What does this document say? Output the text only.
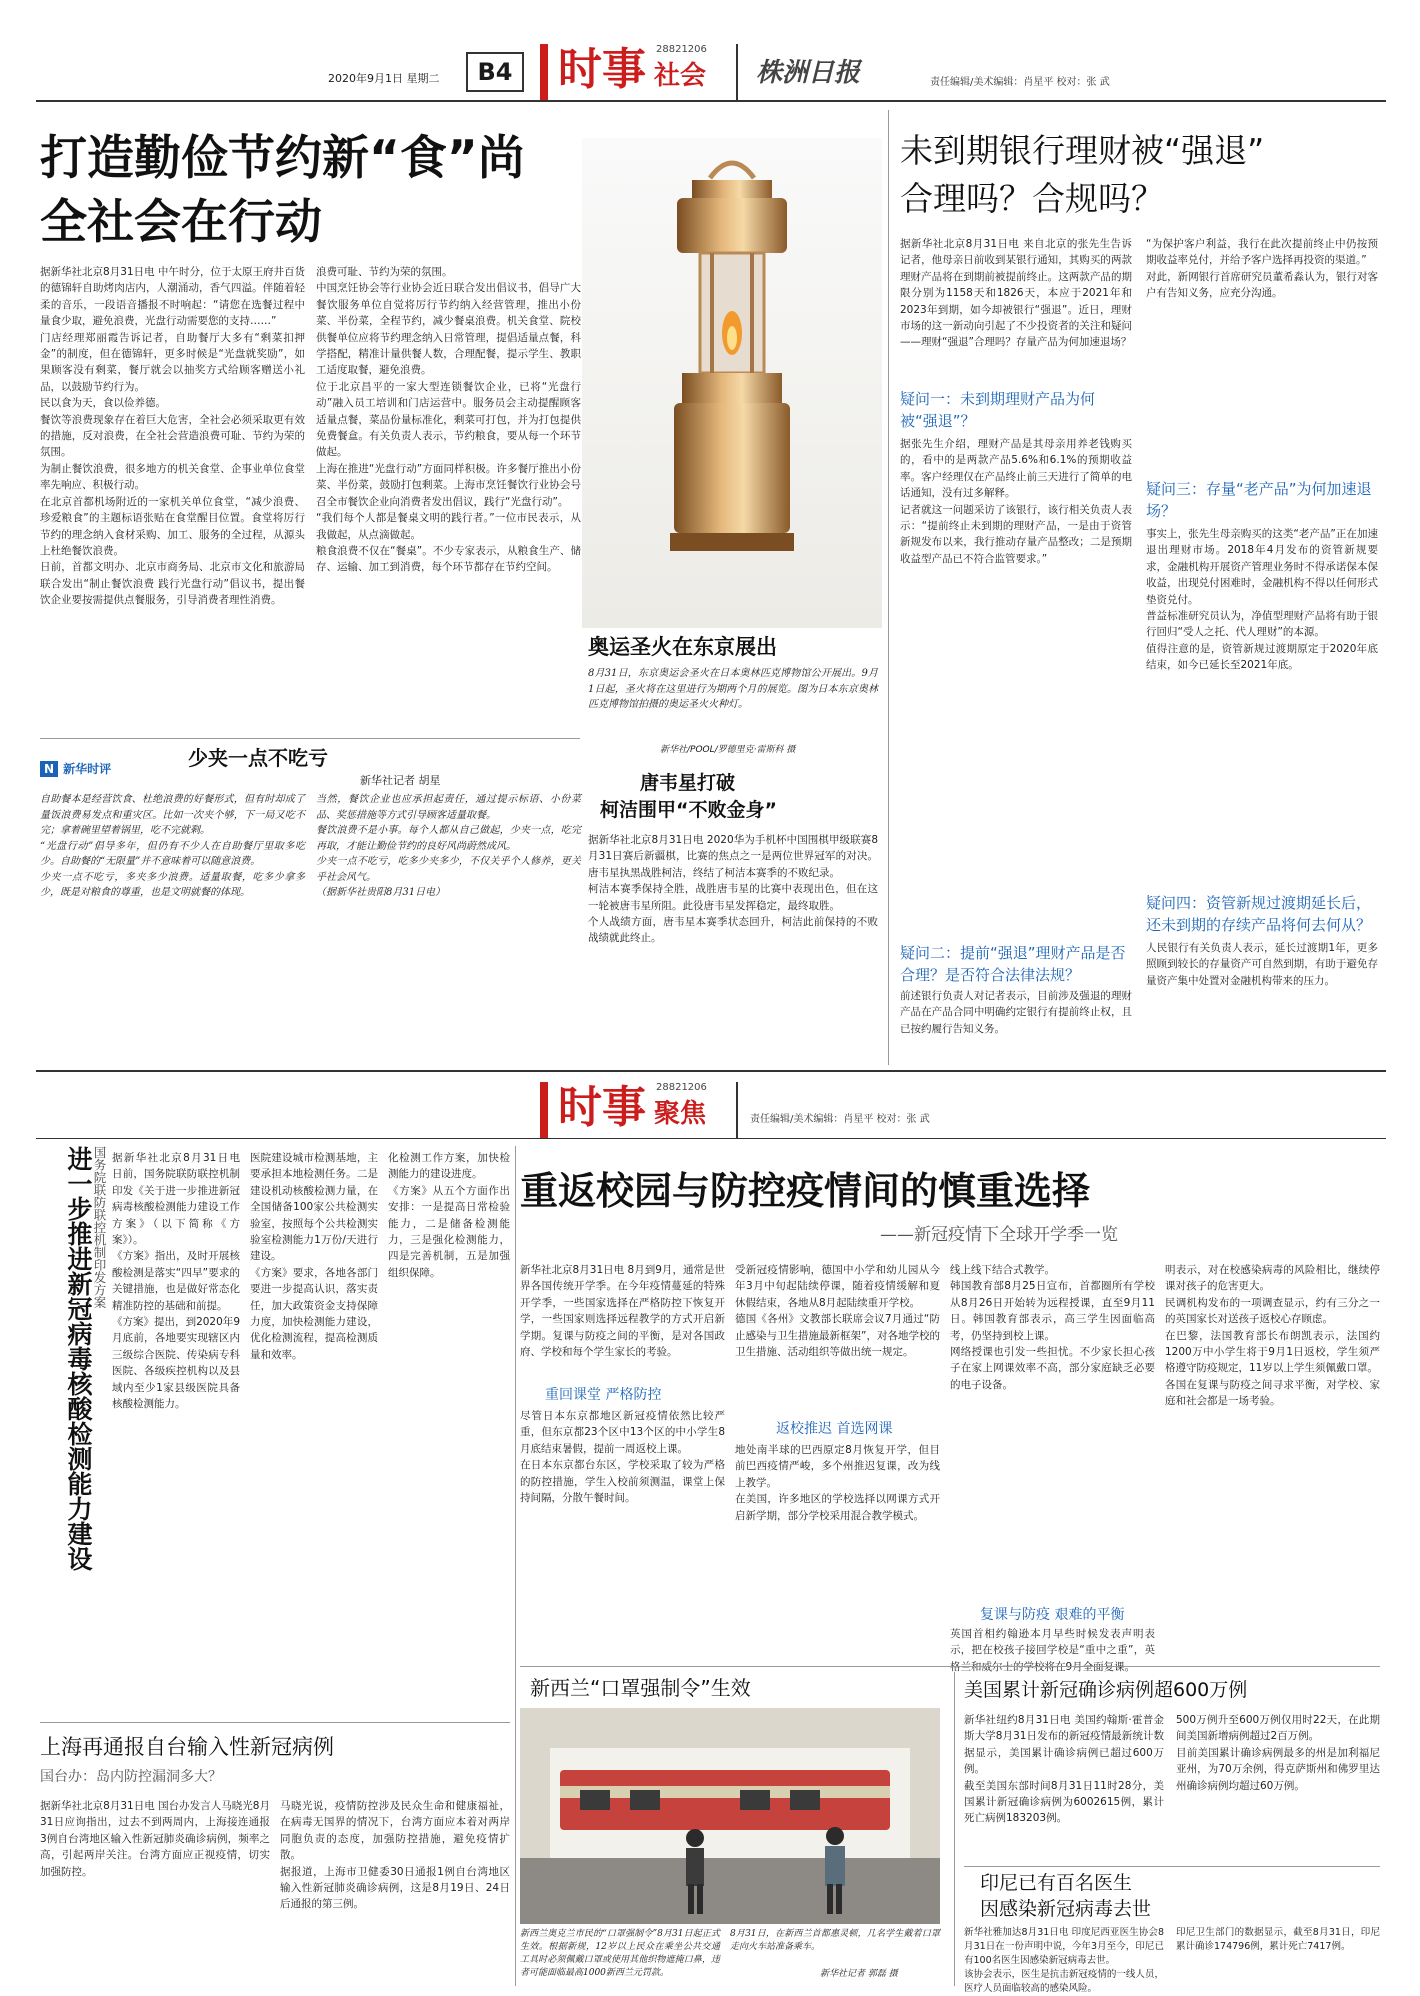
2020年9月1日 星期二	B4 时事 社会
28821206
株洲日报	责任编辑/美术编辑：肖星平 校对：张 武
打造勤俭节约新“食”尚
全社会在行动
据新华社北京8月31日电 中午时分，位于太原王府井百货的德锦轩自助烤肉店内，人潮涌动，香气四溢。伴随着轻柔的音乐，一段语音播报不时响起：“请您在选餐过程中量食少取，避免浪费，光盘行动需要您的支持……”
门店经理郑丽霞告诉记者，自助餐厅大多有“剩菜扣押金”的制度，但在德锦轩，更多时候是“光盘就奖励”，如果顾客没有剩菜，餐厅就会以抽奖方式给顾客赠送小礼品，以鼓励节约行为。
民以食为天，食以俭养德。
餐饮等浪费现象存在着巨大危害，全社会必须采取更有效的措施，反对浪费，在全社会营造浪费可耻、节约为荣的氛围。
为制止餐饮浪费，很多地方的机关食堂、企事业单位食堂率先响应、积极行动。
在北京首都机场附近的一家机关单位食堂，“减少浪费、珍爱粮食”的主题标语张贴在食堂醒目位置。食堂将厉行节约的理念纳入食材采购、加工、服务的全过程，从源头上杜绝餐饮浪费。
日前，首都文明办、北京市商务局、北京市文化和旅游局联合发出“制止餐饮浪费 践行光盘行动”倡议书，提出餐饮企业要按需提供点餐服务，引导消费者理性消费。
浪费可耻、节约为荣的氛围。
中国烹饪协会等行业协会近日联合发出倡议书，倡导广大餐饮服务单位自觉将厉行节约纳入经营管理，推出小份菜、半份菜，全程节约，减少餐桌浪费。机关食堂、院校供餐单位应将节约理念纳入日常管理，提倡适量点餐，科学搭配，精准计量供餐人数，合理配餐，提示学生、教职工适度取餐，避免浪费。
位于北京昌平的一家大型连锁餐饮企业，已将“光盘行动”融入员工培训和门店运营中。服务员会主动提醒顾客适量点餐，菜品份量标准化，剩菜可打包，并为打包提供免费餐盒。有关负责人表示，节约粮食，要从每一个环节做起。
上海在推进“光盘行动”方面同样积极。许多餐厅推出小份菜、半份菜，鼓励打包剩菜。上海市烹饪餐饮行业协会号召全市餐饮企业向消费者发出倡议，践行“光盘行动”。
“我们每个人都是餐桌文明的践行者。”一位市民表示，从我做起，从点滴做起。
粮食浪费不仅在“餐桌”。不少专家表示，从粮食生产、储存、运输、加工到消费，每个环节都存在节约空间。
少夹一点不吃亏
N 新华时评
新华社记者 胡星
自助餐本是经营饮食、杜绝浪费的好餐形式，但有时却成了量饭浪费易发点和重灾区。比如一次夹个够，下一局又吃不完；拿着碗里望着锅里，吃不完就剩。
“光盘行动”倡导多年，但仍有不少人在自助餐厅里取多吃少。自助餐的“无限量”并不意味着可以随意浪费。
少夹一点不吃亏，多夹多少浪费。适量取餐，吃多少拿多少，既是对粮食的尊重，也是文明就餐的体现。
当然，餐饮企业也应承担起责任，通过提示标语、小份菜品、奖惩措施等方式引导顾客适量取餐。
餐饮浪费不是小事。每个人都从自己做起，少夹一点，吃完再取，才能让勤俭节约的良好风尚蔚然成风。
少夹一点不吃亏，吃多少夹多少，不仅关乎个人修养，更关乎社会风气。
（据新华社贵阳8月31日电）
奥运圣火在东京展出
8月31日，东京奥运会圣火在日本奥林匹克博物馆公开展出。9月1日起，圣火将在这里进行为期两个月的展览。图为日本东京奥林匹克博物馆拍摄的奥运圣火火种灯。
新华社/POOL/罗德里克·雷斯科 摄
唐韦星打破
柯洁围甲“不败金身”
据新华社北京8月31日电 2020华为手机杯中国围棋甲级联赛8月31日赛后新疆棋，比赛的焦点之一是两位世界冠军的对决。唐韦星执黑战胜柯洁，终结了柯洁本赛季的不败纪录。
柯洁本赛季保持全胜，战胜唐韦星的比赛中表现出色，但在这一轮被唐韦星所阻。此役唐韦星发挥稳定，最终取胜。
个人战绩方面，唐韦星本赛季状态回升，柯洁此前保持的不败战绩就此终止。
未到期银行理财被“强退”
合理吗？合规吗？
据新华社北京8月31日电 来自北京的张先生告诉记者，他母亲日前收到某银行通知，其购买的两款理财产品将在到期前被提前终止。这两款产品的期限分别为1158天和1826天，本应于2021年和2023年到期，如今却被银行“强退”。近日，理财市场的这一新动向引起了不少投资者的关注和疑问——理财“强退”合理吗？存量产品为何加速退场？
疑问一：未到期理财产品为何被“强退”？
据张先生介绍，理财产品是其母亲用养老钱购买的，看中的是两款产品5.6%和6.1%的预期收益率。客户经理仅在产品终止前三天进行了简单的电话通知，没有过多解释。
记者就这一问题采访了该银行，该行相关负责人表示：“提前终止未到期的理财产品，一是由于资管新规发布以来，我行推动存量产品整改；二是预期收益型产品已不符合监管要求。”
疑问二：提前“强退”理财产品是否合理？是否符合法律法规？
前述银行负责人对记者表示，目前涉及强退的理财产品在产品合同中明确约定银行有提前终止权，且已按约履行告知义务。
“为保护客户利益，我行在此次提前终止中仍按预期收益率兑付，并给予客户选择再投资的渠道。”
对此，新网银行首席研究员董希淼认为，银行对客户有告知义务，应充分沟通。
疑问三：存量“老产品”为何加速退场？
事实上，张先生母亲购买的这类“老产品”正在加速退出理财市场。2018年4月发布的资管新规要求，金融机构开展资产管理业务时不得承诺保本保收益，出现兑付困难时，金融机构不得以任何形式垫资兑付。
普益标准研究员认为，净值型理财产品将有助于银行回归“受人之托、代人理财”的本源。
值得注意的是，资管新规过渡期原定于2020年底结束，如今已延长至2021年底。
疑问四：资管新规过渡期延长后，还未到期的存续产品将何去何从？
人民银行有关负责人表示，延长过渡期1年，更多照顾到较长的存量资产可自然到期，有助于避免存量资产集中处置对金融机构带来的压力。
时事 聚焦
28821206
责任编辑/美术编辑：肖星平 校对：张 武
国务院联防联控机制印发方案
进一步推进新冠病毒核酸检测能力建设 据新华社北京8月31日电 日前，国务院联防联控机制印发《关于进一步推进新冠病毒核酸检测能力建设工作方案》（以下简称《方案》）。
《方案》指出，及时开展核酸检测是落实“四早”要求的关键措施，也是做好常态化精准防控的基础和前提。
《方案》提出，到2020年9月底前，各地要实现辖区内三级综合医院、传染病专科医院、各级疾控机构以及县域内至少1家县级医院具备核酸检测能力。
医院建设城市检测基地，主要承担本地检测任务。二是建设机动核酸检测力量，在全国储备100家公共检测实验室，按照每个公共检测实验室检测能力1万份/天进行建设。
《方案》要求，各地各部门要进一步提高认识，落实责任，加大政策资金支持保障力度，加快检测能力建设，优化检测流程，提高检测质量和效率。
化检测工作方案，加快检测能力的建设进度。
《方案》从五个方面作出安排：一是提高日常检验能力，二是储备检测能力，三是强化检测能力，四是完善机制，五是加强组织保障。
上海再通报自台输入性新冠病例
国台办：岛内防控漏洞多大？
据新华社北京8月31日电 国台办发言人马晓光8月31日应询指出，过去不到两周内，上海接连通报3例自台湾地区输入性新冠肺炎确诊病例，频率之高，引起两岸关注。台湾方面应正视疫情，切实加强防控。
马晓光说，疫情防控涉及民众生命和健康福祉，在病毒无国界的情况下，台湾方面应本着对两岸同胞负责的态度，加强防控措施，避免疫情扩散。
据报道，上海市卫健委30日通报1例自台湾地区输入性新冠肺炎确诊病例，这是8月19日、24日后通报的第三例。
重返校园与防控疫情间的慎重选择
——新冠疫情下全球开学季一览
新华社北京8月31日电 8月到9月，通常是世界各国传统开学季。在今年疫情蔓延的特殊开学季，一些国家选择在严格防控下恢复开学，一些国家则选择远程教学的方式开启新学期。复课与防疫之间的平衡，是对各国政府、学校和每个学生家长的考验。
重回课堂 严格防控
尽管日本东京都地区新冠疫情依然比较严重，但东京都23个区中13个区的中小学生8月底结束暑假，提前一周返校上课。
在日本东京都台东区，学校采取了较为严格的防控措施，学生入校前须测温，课堂上保持间隔，分散午餐时间。
受新冠疫情影响，德国中小学和幼儿园从今年3月中旬起陆续停课，随着疫情缓解和夏休假结束，各地从8月起陆续重开学校。
德国《各州》文教部长联席会议7月通过“防止感染与卫生措施最新框架”，对各地学校的卫生措施、活动组织等做出统一规定。
返校推迟 首选网课
地处南半球的巴西原定8月恢复开学，但目前巴西疫情严峻，多个州推迟复课，改为线上教学。
在美国，许多地区的学校选择以网课方式开启新学期，部分学校采用混合教学模式。
线上线下结合式教学。
韩国教育部8月25日宣布，首都圈所有学校从8月26日开始转为远程授课，直至9月11日。韩国教育部表示，高三学生因面临高考，仍坚持到校上课。
网络授课也引发一些担忧。不少家长担心孩子在家上网课效率不高，部分家庭缺乏必要的电子设备。
复课与防疫 艰难的平衡
英国首相约翰逊本月早些时候发表声明表示，把在校孩子接回学校是“重中之重”，英
明表示，对在校感染病毒的风险相比，继续停课对孩子的危害更大。
民调机构发布的一项调查显示，约有三分之一的英国家长对送孩子返校心存顾虑。
在巴黎，法国教育部长布朗凯表示，法国约1200万中小学生将于9月1日返校，学生须严格遵守防疫规定，11岁以上学生须佩戴口罩。
各国在复课与防疫之间寻求平衡，对学校、家庭和社会都是一场考验。
新西兰“口罩强制令”生效
新西兰奥克兰市民的“口罩强制令”8月31日起正式生效。根据新规，12岁以上民众在乘坐公共交通工具时必须佩戴口罩或使用其他织物遮掩口鼻，违者可能面临最高1000新西兰元罚款。
8月31日，在新西兰首都惠灵顿，几名学生戴着口罩走向火车站准备乘车。
新华社记者 郭磊 摄
美国累计新冠确诊病例超600万例
新华社纽约8月31日电 美国约翰斯·霍普金斯大学8月31日发布的新冠疫情最新统计数据显示，美国累计确诊病例已超过600万例。
截至美国东部时间8月31日11时28分，美国累计新冠确诊病例为6002615例，累计死亡病例183203例。
500万例升至600万例仅用时22天，在此期间美国新增病例超过2百万例。
目前美国累计确诊病例最多的州是加利福尼亚州，为70万余例，得克萨斯州和佛罗里达州确诊病例均超过60万例。
印尼已有百名医生
因感染新冠病毒去世
新华社雅加达8月31日电 印度尼西亚医生协会8月31日在一份声明中说，今年3月至今，印尼已有100名医生因感染新冠病毒去世。
该协会表示，医生是抗击新冠疫情的一线人员，医疗人员面临较高的感染风险。
印尼卫生部门的数据显示，截至8月31日，印尼累计确诊174796例，累计死亡7417例。
